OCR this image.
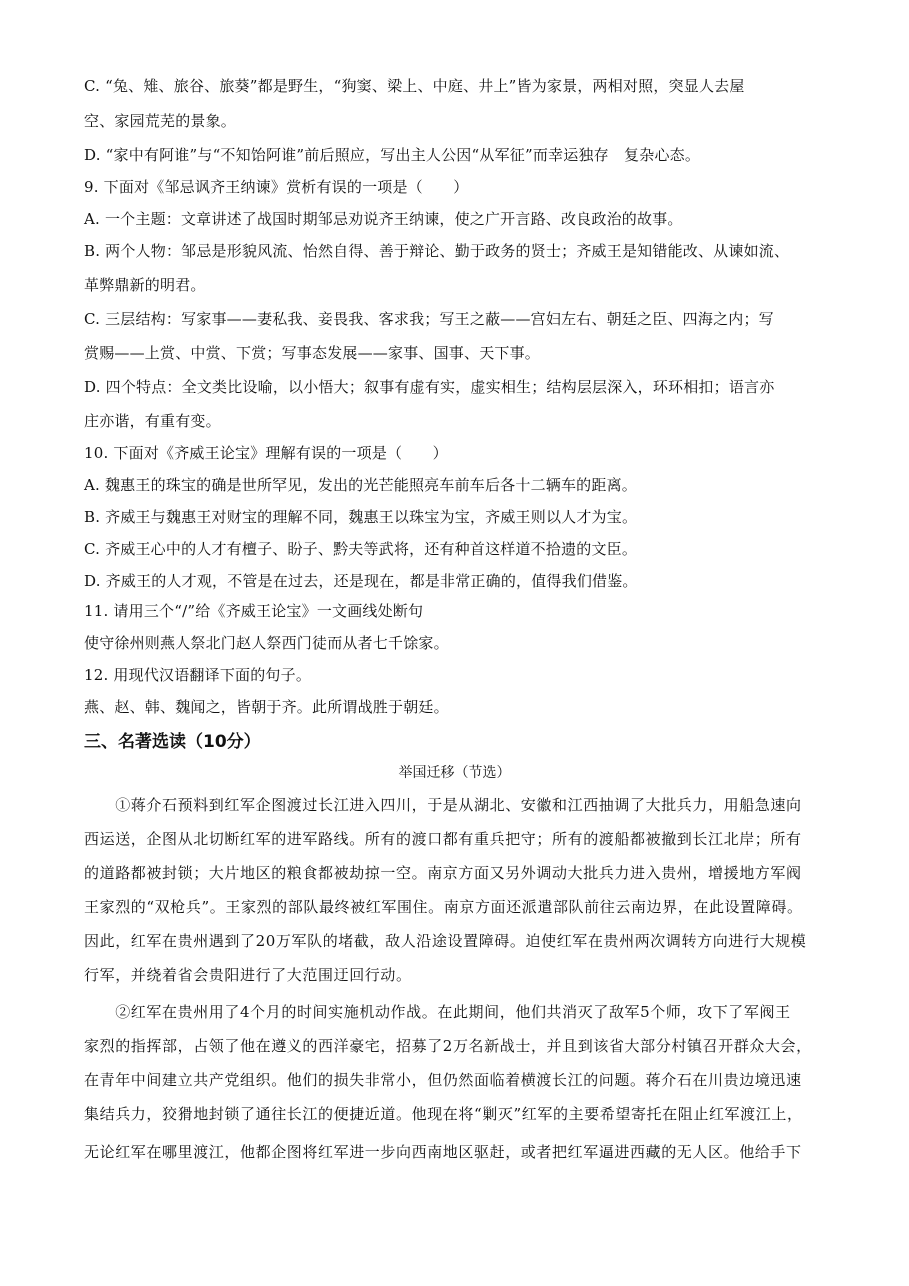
C. “兔、雉、旅谷、旅葵”都是野生，“狗窦、梁上、中庭、井上”皆为家景，两相对照，突显人去屋
空、家园荒芜的景象。
D. “家中有阿谁”与“不知饴阿谁”前后照应，写出主人公因“从军征”而幸运独存　复杂心态。
9. 下面对《邹忌讽齐王纳谏》赏析有误的一项是（　　）
A. 一个主题：文章讲述了战国时期邹忌劝说齐王纳谏，使之广开言路、改良政治的故事。
B. 两个人物：邹忌是形貌风流、怡然自得、善于辩论、勤于政务的贤士；齐威王是知错能改、从谏如流、
革弊鼎新的明君。
C. 三层结构：写家事——妻私我、妾畏我、客求我；写王之蔽——宫妇左右、朝廷之臣、四海之内；写
赏赐——上赏、中赏、下赏；写事态发展——家事、国事、天下事。
D. 四个特点：全文类比设喻，以小悟大；叙事有虚有实，虚实相生；结构层层深入，环环相扣；语言亦
庄亦谐，有重有变。
10. 下面对《齐威王论宝》理解有误的一项是（　　）
A. 魏惠王的珠宝的确是世所罕见，发出的光芒能照亮车前车后各十二辆车的距离。
B. 齐威王与魏惠王对财宝的理解不同，魏惠王以珠宝为宝，齐威王则以人才为宝。
C. 齐威王心中的人才有檀子、盼子、黔夫等武将，还有种首这样道不拾遗的文臣。
D. 齐威王的人才观，不管是在过去，还是现在，都是非常正确的，值得我们借鉴。
11. 请用三个“/”给《齐威王论宝》一文画线处断句
使守徐州则燕人祭北门赵人祭西门徒而从者七千馀家。
12. 用现代汉语翻译下面的句子。
燕、赵、韩、魏闻之，皆朝于齐。此所谓战胜于朝廷。
三、名著选读（10分）
举国迁移（节选）
　　①蒋介石预料到红军企图渡过长江进入四川，于是从湖北、安徽和江西抽调了大批兵力，用船急速向
西运送，企图从北切断红军的进军路线。所有的渡口都有重兵把守；所有的渡船都被撤到长江北岸；所有
的道路都被封锁；大片地区的粮食都被劫掠一空。南京方面又另外调动大批兵力进入贵州，增援地方军阀
王家烈的“双枪兵”。王家烈的部队最终被红军围住。南京方面还派遣部队前往云南边界，在此设置障碍。
因此，红军在贵州遇到了20万军队的堵截，敌人沿途设置障碍。迫使红军在贵州两次调转方向进行大规模
行军，并绕着省会贵阳进行了大范围迂回行动。
　　②红军在贵州用了4个月的时间实施机动作战。在此期间，他们共消灭了敌军5个师，攻下了军阀王
家烈的指挥部，占领了他在遵义的西洋豪宅，招募了2万名新战士，并且到该省大部分村镇召开群众大会，
在青年中间建立共产党组织。他们的损失非常小，但仍然面临着横渡长江的问题。蒋介石在川贵边境迅速
集结兵力，狡猾地封锁了通往长江的便捷近道。他现在将“剿灭”红军的主要希望寄托在阻止红军渡江上，
无论红军在哪里渡江，他都企图将红军进一步向西南地区驱赶，或者把红军逼进西藏的无人区。他给手下
